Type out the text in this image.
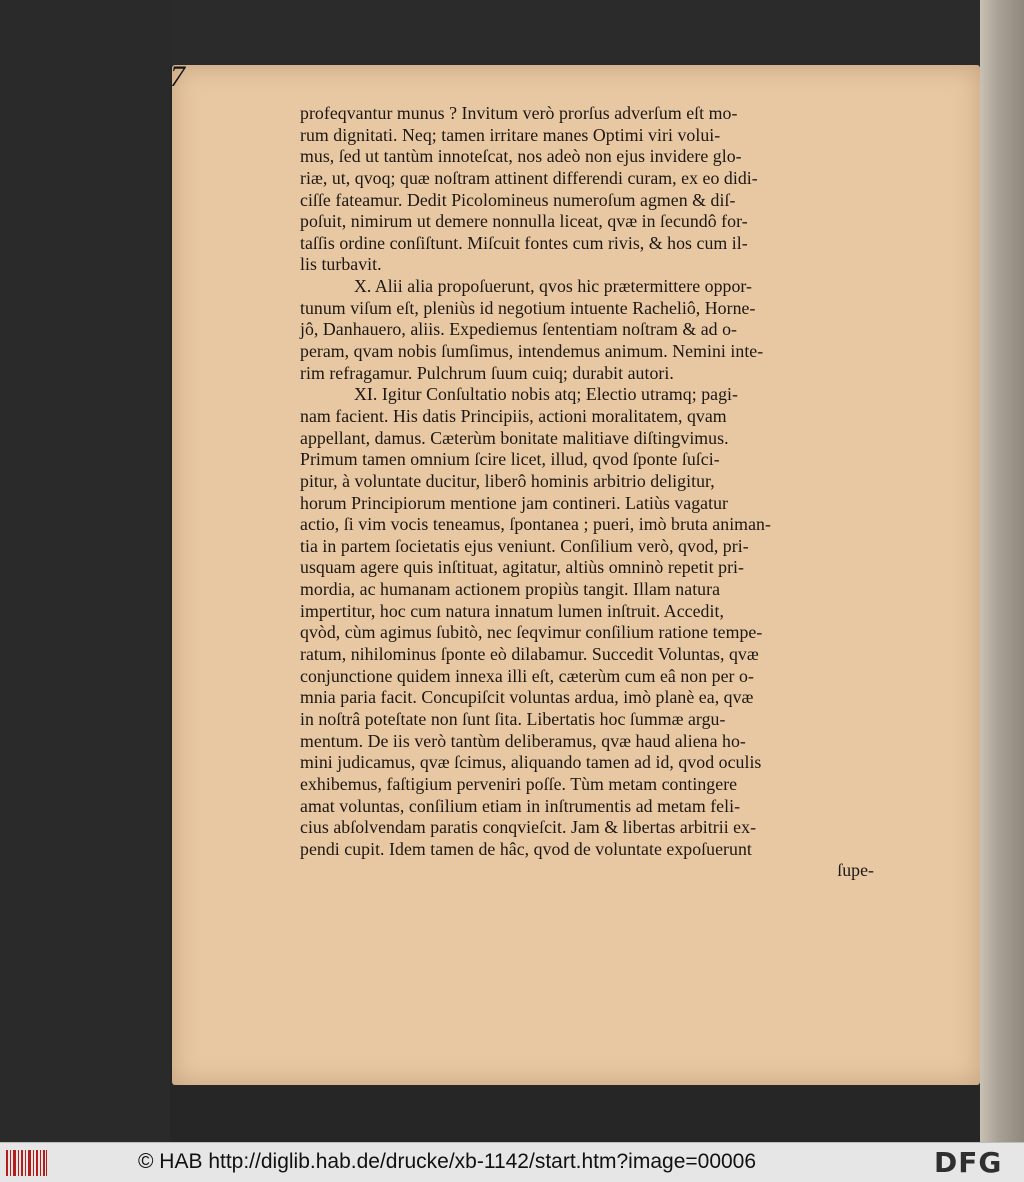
7
profeqvantur munus ? Invitum verò prorſus adverſum eſt mo-
rum dignitati. Neq; tamen irritare manes Optimi viri volui-
mus, ſed ut tantùm innoteſcat, nos adeò non ejus invidere glo-
riæ, ut, qvoq; quæ noſtram attinent differendi curam, ex eo didi-
ciſſe fateamur. Dedit Picolomineus numeroſum agmen & diſ-
poſuit, nimirum ut demere nonnulla liceat, qvæ in ſecundô for-
taſſis ordine conſiſtunt. Miſcuit fontes cum rivis, & hos cum il-
lis turbavit.
X. Alii alia propoſuerunt, qvos hic prætermittere oppor-
tunum viſum eſt, pleniùs id negotium intuente Racheliô, Horne-
jô, Danhauero, aliis. Expediemus ſententiam noſtram & ad o-
peram, qvam nobis ſumſimus, intendemus animum. Nemini inte-
rim refragamur. Pulchrum ſuum cuiq; durabit autori.
XI. Igitur Conſultatio nobis atq; Electio utramq; pagi-
nam facient. His datis Principiis, actioni moralitatem, qvam
appellant, damus. Cæterùm bonitate malitiave diſtingvimus.
Primum tamen omnium ſcire licet, illud, qvod ſponte ſuſci-
pitur, à voluntate ducitur, liberô hominis arbitrio deligitur,
horum Principiorum mentione jam contineri. Latiùs vagatur
actio, ſi vim vocis teneamus, ſpontanea ; pueri, imò bruta animan-
tia in partem ſocietatis ejus veniunt. Conſilium verò, qvod, pri-
usquam agere quis inſtituat, agitatur, altiùs omninò repetit pri-
mordia, ac humanam actionem propiùs tangit. Illam natura
impertitur, hoc cum natura innatum lumen inſtruit. Accedit,
qvòd, cùm agimus ſubitò, nec ſeqvimur conſilium ratione tempe-
ratum, nihilominus ſponte eò dilabamur. Succedit Voluntas, qvæ
conjunctione quidem innexa illi eſt, cæterùm cum eâ non per o-
mnia paria facit. Concupiſcit voluntas ardua, imò planè ea, qvæ
in noſtrâ poteſtate non ſunt ſita. Libertatis hoc ſummæ argu-
mentum. De iis verò tantùm deliberamus, qvæ haud aliena ho-
mini judicamus, qvæ ſcimus, aliquando tamen ad id, qvod oculis
exhibemus, faſtigium perveniri poſſe. Tùm metam contingere
amat voluntas, conſilium etiam in inſtrumentis ad metam feli-
cius abſolvendam paratis conqvieſcit. Jam & libertas arbitrii ex-
pendi cupit. Idem tamen de hâc, qvod de voluntate expoſuerunt
ſupe-
© HAB http://diglib.hab.de/drucke/xb-1142/start.htm?image=00006	DFG
